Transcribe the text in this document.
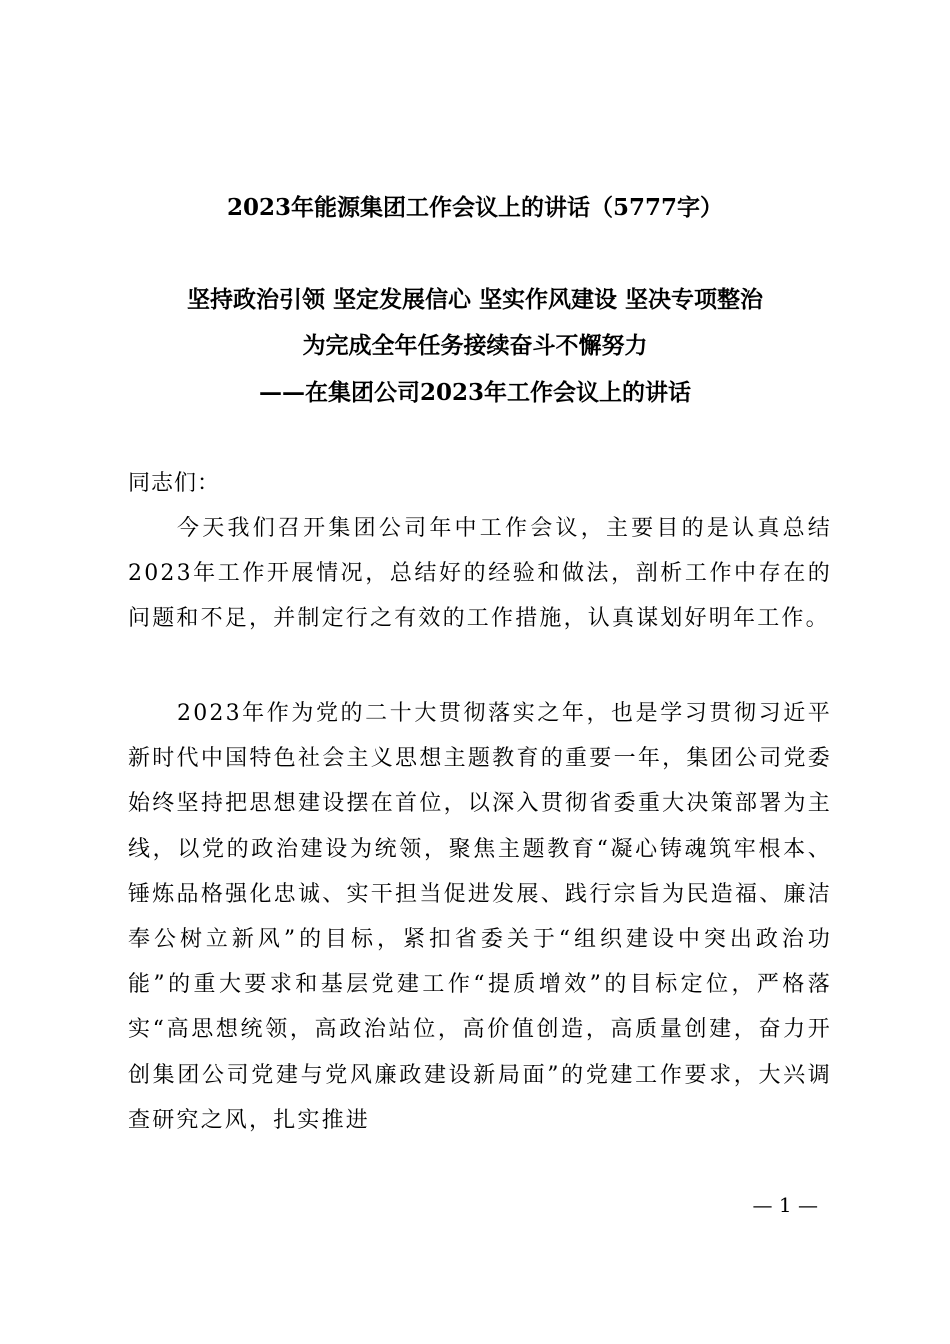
2023年能源集团工作会议上的讲话（5777字）
坚持政治引领 坚定发展信心 坚实作风建设 坚决专项整治
为完成全年任务接续奋斗不懈努力
——在集团公司2023年工作会议上的讲话
同志们：
今天我们召开集团公司年中工作会议，主要目的是认真总结2023年工作开展情况，总结好的经验和做法，剖析工作中存在的问题和不足，并制定行之有效的工作措施，认真谋划好明年工作。
2023年作为党的二十大贯彻落实之年，也是学习贯彻习近平新时代中国特色社会主义思想主题教育的重要一年，集团公司党委始终坚持把思想建设摆在首位，以深入贯彻省委重大决策部署为主线，以党的政治建设为统领，聚焦主题教育“凝心铸魂筑牢根本、锤炼品格强化忠诚、实干担当促进发展、践行宗旨为民造福、廉洁奉公树立新风”的目标，紧扣省委关于“组织建设中突出政治功能”的重大要求和基层党建工作“提质增效”的目标定位，严格落实“高思想统领，高政治站位，高价值创造，高质量创建，奋力开创集团公司党建与党风廉政建设新局面”的党建工作要求，大兴调查研究之风，扎实推进
— 1 —
